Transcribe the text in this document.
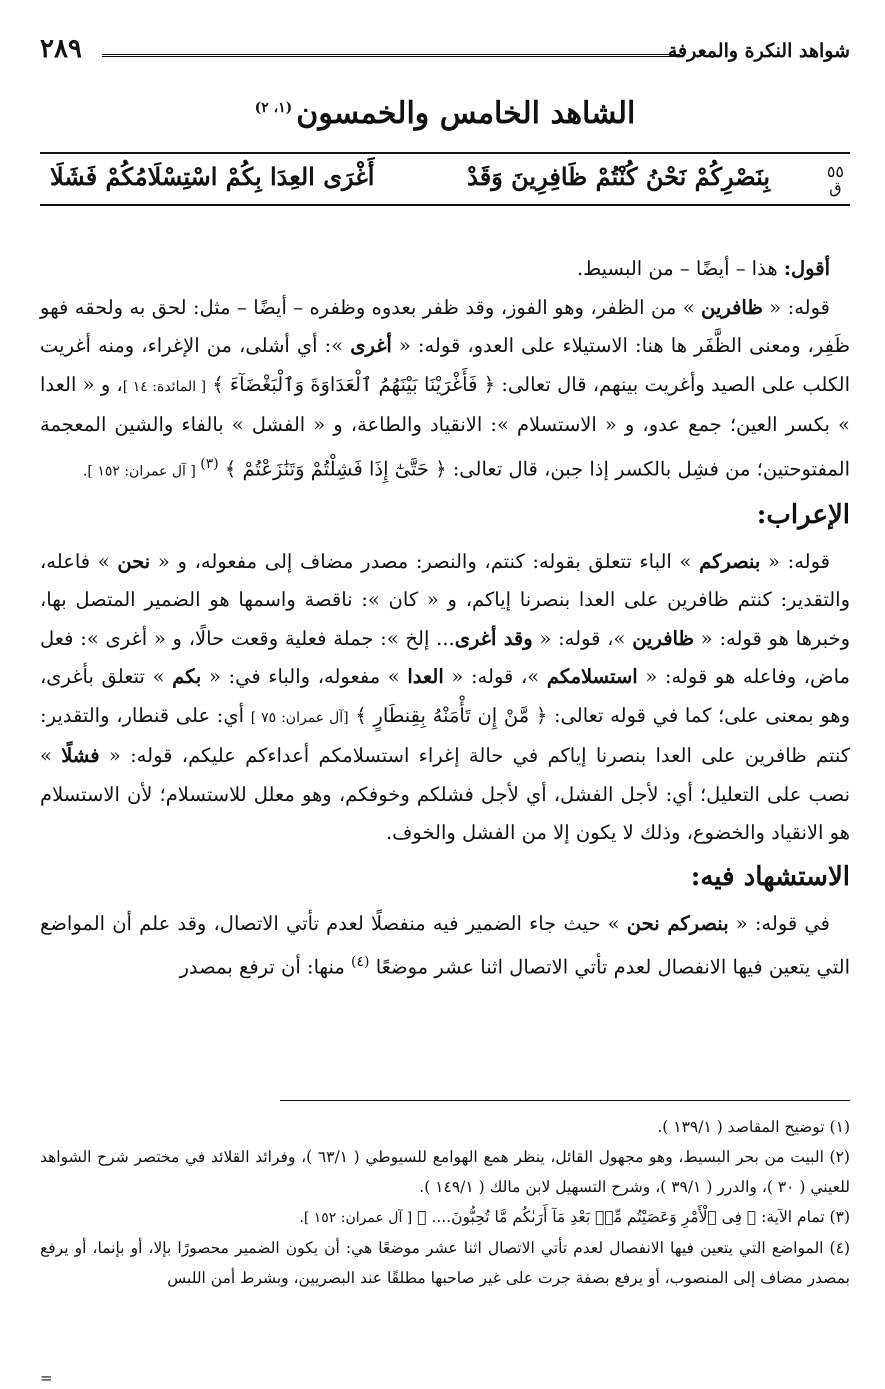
شواهد النكرة والمعرفة
٢٨٩
الشاهد الخامس والخمسون$^{(١، ٢)}$
٥٥
ق
بِنَصْرِكُمْ نَحْنُ كُنْتُمْ ظَافِرِينَ وَقَدْ
أَغْرَى العِدَا بِكُمْ اسْتِسْلَامُكُمْ فَشَلَا

أقول: هذا – أيضًا – من البسيط.

قوله: « ظافرين » من الظفر، وهو الفوز، وقد ظفر بعدوه وظفره – أيضًا – مثل: لحق به ولحقه فهو ظَفِر، ومعنى الظَّفَر ها هنا: الاستيلاء على العدو، قوله: « أغرى »: أي أشلى، من الإغراء، ومنه أغريت الكلب على الصيد وأغريت بينهم، قال تعالى: ﴿ فَأَغْرَيْنَا بَيْنَهُمُ ٱلْعَدَاوَةَ وَٱلْبَغْضَآءَ ﴾ [ المائدة: ١٤ ]، و « العدا » بكسر العين؛ جمع عدو، و « الاستسلام »: الانقياد والطاعة، و « الفشل » بالفاء والشين المعجمة المفتوحتين؛ من فشِل بالكسر إذا جبن، قال تعالى: ﴿ حَتَّىٰٓ إِذَا فَشِلْتُمْ وَتَنَٰزَعْتُمْ ﴾ $^{(٣)}$ [ آل عمران: ١٥٢ ].

الإعراب:

قوله: « بنصركم » الباء تتعلق بقوله: كنتم، والنصر: مصدر مضاف إلى مفعوله، و « نحن » فاعله، والتقدير: كنتم ظافرين على العدا بنصرنا إياكم، و « كان »: ناقصة واسمها هو الضمير المتصل بها، وخبرها هو قوله: « ظافرين »، قوله: « وقد أغرى... إلخ »: جملة فعلية وقعت حالًا، و « أغرى »: فعل ماض، وفاعله هو قوله: « استسلامكم »، قوله: « العدا » مفعوله، والباء في: « بكم » تتعلق بأغرى، وهو بمعنى على؛ كما في قوله تعالى: ﴿ مَّنْ إِن تَأْمَنْهُ بِقِنطَارٍ ﴾ [آل عمران: ٧٥ ] أي: على قنطار، والتقدير: كنتم ظافرين على العدا بنصرنا إياكم في حالة إغراء استسلامكم أعداءكم عليكم، قوله: « فشلًا » نصب على التعليل؛ أي: لأجل الفشل، أي لأجل فشلكم وخوفكم، وهو معلل للاستسلام؛ لأن الاستسلام هو الانقياد والخضوع، وذلك لا يكون إلا من الفشل والخوف.

الاستشهاد فيه:

في قوله: « بنصركم نحن » حيث جاء الضمير فيه منفصلًا لعدم تأتي الاتصال، وقد علم أن المواضع التي يتعين فيها الانفصال لعدم تأتي الاتصال اثنا عشر موضعًا $^{(٤)}$ منها: أن ترفع بمصدر

(١) توضيح المقاصد ( ١٣٩/١ ).

(٢) البيت من بحر البسيط، وهو مجهول القائل، ينظر همع الهوامع للسيوطي ( ٦٣/١ )، وفرائد القلائد في مختصر شرح الشواهد للعيني ( ٣٠ )، والدرر ( ٣٩/١ )، وشرح التسهيل لابن مالك ( ١٤٩/١ ).

(٣) تمام الآية: ﴿ فِى ٱلْأَمْرِ وَعَصَيْتُم مِّنۢ بَعْدِ مَآ أَرَىٰكُم مَّا تُحِبُّونَ.... ﴾ [ آل عمران: ١٥٢ ].

(٤) المواضع التي يتعين فيها الانفصال لعدم تأتي الاتصال اثنا عشر موضعًا هي: أن يكون الضمير محصورًا بإلا، أو بإنما، أو يرفع بمصدر مضاف إلى المنصوب، أو يرفع بصفة جرت على غير صاحبها مطلقًا عند البصريين، وبشرط أمن اللبس

=
